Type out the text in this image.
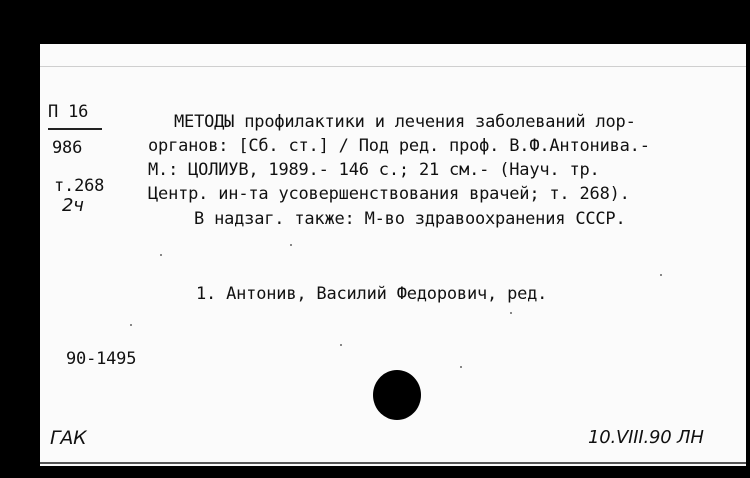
П 16
986
т.268
2ч
МЕТОДЫ профилактики и лечения заболеваний лор-
органов: [Сб. ст.] / Под ред. проф. В.Ф.Антонива.-
М.: ЦОЛИУВ, 1989.- 146 с.; 21 см.- (Науч. тр.
Центр. ин-та усовершенствования врачей; т. 268).
В надзаг. также: М-во здравоохранения СССР.
1. Антонив, Василий Федорович, ред.
90-1495
ГАК	10.VIII.90 ЛН
